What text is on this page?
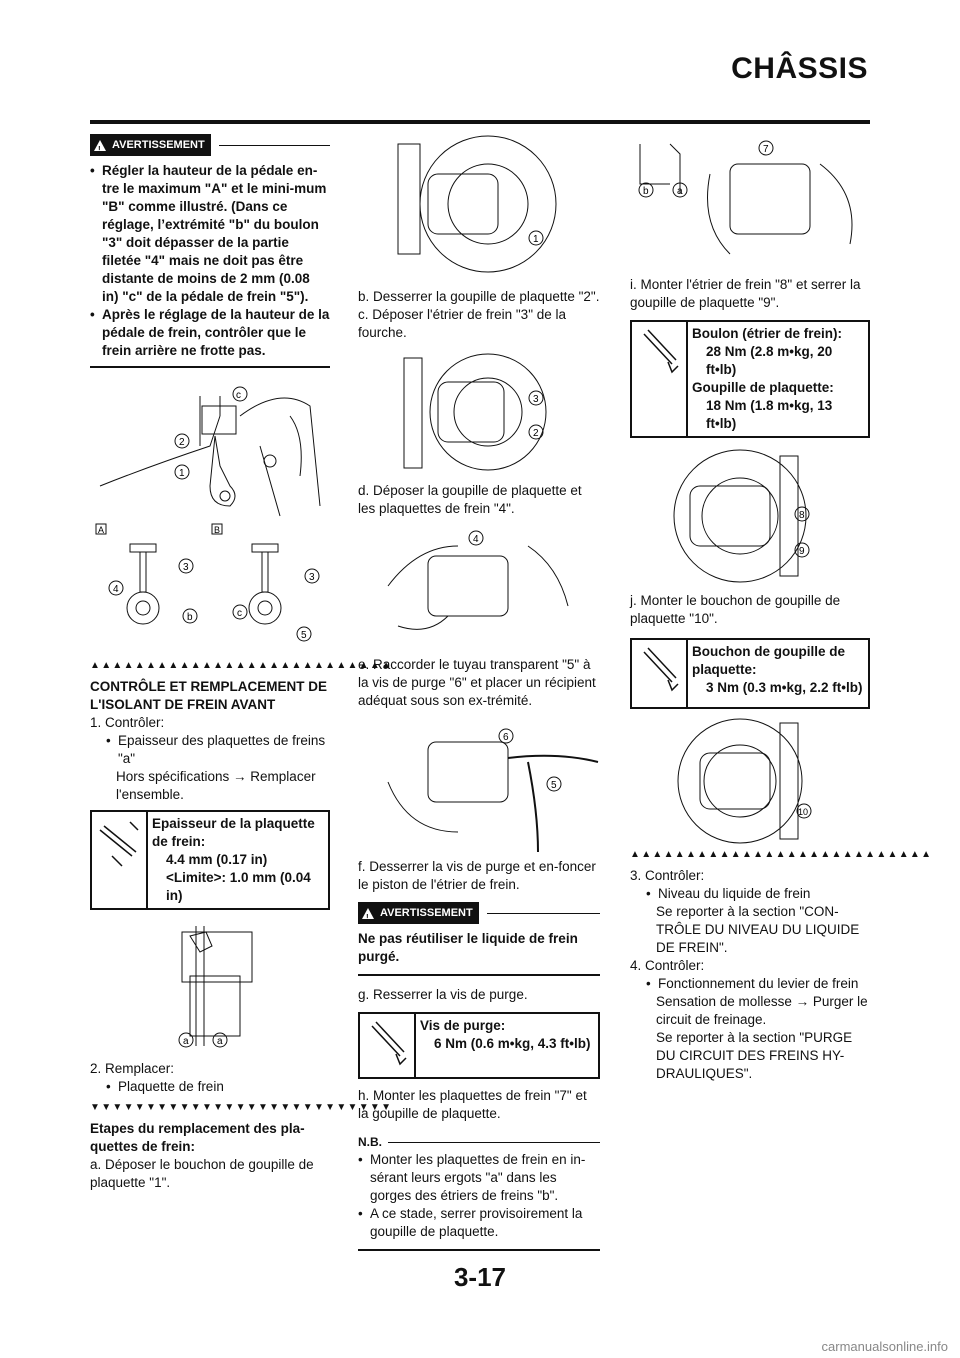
CHÂSSIS
! AVERTISSEMENT
• Régler la hauteur de la pédale en-tre le maximum "A" et le mini-mum "B" comme illustré. (Dans ce réglage, l’extrémité "b" du boulon "3" doit dépasser de la partie filetée "4" mais ne doit pas être distante de moins de 2 mm (0.08 in) "c" de la pédale de frein "5").
• Après le réglage de la hauteur de la pédale de frein, contrôler que le frein arrière ne frotte pas.
c
2
1
A	B
3
4
b
3
c
5
▲▲▲▲▲▲▲▲▲▲▲▲▲▲▲▲▲▲▲▲▲▲▲▲▲▲▲

CONTRÔLE ET REMPLACEMENT DE L'ISOLANT DE FREIN AVANT

1. Contrôler:

• Epaisseur des plaquettes de freins "a"

Hors spécifications → Remplacer l'ensemble.

Epaisseur de la plaquette de frein:

4.4 mm (0.17 in)

<Limite>: 1.0 mm (0.04 in)

a	a

2. Remplacer:

• Plaquette de frein
▼▼▼▼▼▼▼▼▼▼▼▼▼▼▼▼▼▼▼▼▼▼▼▼▼▼▼

Etapes du remplacement des pla-quettes de frein:

a. Déposer le bouchon de goupille de plaquette "1".

1

b. Desserrer la goupille de plaquette "2".

c. Déposer l'étrier de frein "3" de la fourche.

3
2

d. Déposer la goupille de plaquette et les plaquettes de frein "4".

4

e. Raccorder le tuyau transparent "5" à la vis de purge "6" et placer un récipient adéquat sous son ex-trémité.

6
5

f. Desserrer la vis de purge et en-foncer le piston de l'étrier de frein.

! AVERTISSEMENT

Ne pas réutiliser le liquide de frein purgé.

g. Resserrer la vis de purge.

Vis de purge:

6 Nm (0.6 m•kg, 4.3 ft•lb)

h. Monter les plaquettes de frein "7" et la goupille de plaquette.

N.B.
• Monter les plaquettes de frein en in-sérant leurs ergots "a" dans les gorges des étriers de freins "b".
• A ce stade, serrer provisoirement la goupille de plaquette.
b	a
7

i. Monter l'étrier de frein "8" et serrer la goupille de plaquette "9".

Boulon (étrier de frein):

28 Nm (2.8 m•kg, 20 ft•lb)

Goupille de plaquette:

18 Nm (1.8 m•kg, 13 ft•lb)

8
9

j. Monter le bouchon de goupille de plaquette "10".

Bouchon de goupille de plaquette:

3 Nm (0.3 m•kg, 2.2 ft•lb)

10
▲▲▲▲▲▲▲▲▲▲▲▲▲▲▲▲▲▲▲▲▲▲▲▲▲▲▲

3. Contrôler:

• Niveau du liquide de frein

Se reporter à la section "CON-TRÔLE DU NIVEAU DU LIQUIDE DE FREIN".

4. Contrôler:

• Fonctionnement du levier de frein

Sensation de mollesse → Purger le circuit de freinage.

Se reporter à la section "PURGE DU CIRCUIT DES FREINS HY-DRAULIQUES".

3-17
carmanualsonline.info
